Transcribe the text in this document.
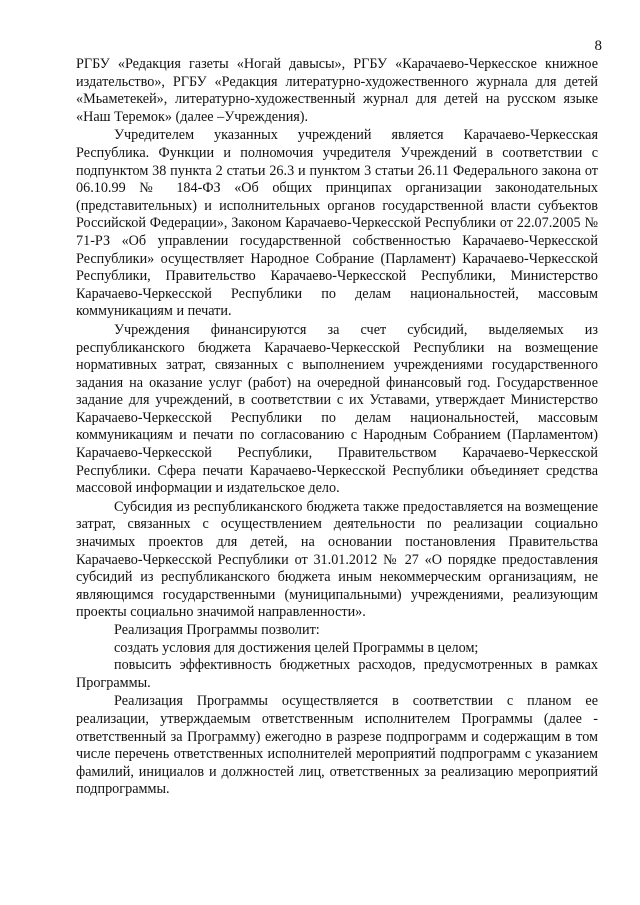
8

РГБУ «Редакция газеты «Ногай давысы», РГБУ «Карачаево-Черкесское книжное издательство», РГБУ «Редакция литературно-художественного журнала для детей «Мьаметекей», литературно-художественный журнал для детей на русском языке «Наш Теремок» (далее –Учреждения).

Учредителем указанных учреждений является Карачаево-Черкесская Республика. Функции и полномочия учредителя Учреждений в соответствии с подпунктом 38 пункта 2 статьи 26.3 и пунктом 3 статьи 26.11 Федерального закона от 06.10.99 № 184-ФЗ «Об общих принципах организации законодательных (представительных) и исполнительных органов государственной власти субъектов Российской Федерации», Законом Карачаево-Черкесской Республики от 22.07.2005 № 71-РЗ «Об управлении государственной собственностью Карачаево-Черкесской Республики» осуществляет Народное Собрание (Парламент) Карачаево-Черкесской Республики, Правительство Карачаево-Черкесской Республики, Министерство Карачаево-Черкесской Республики по делам национальностей, массовым коммуникациям и печати.

Учреждения финансируются за счет субсидий, выделяемых из республиканского бюджета Карачаево-Черкесской Республики на возмещение нормативных затрат, связанных с выполнением учреждениями государственного задания на оказание услуг (работ) на очередной финансовый год. Государственное задание для учреждений, в соответствии с их Уставами, утверждает Министерство Карачаево-Черкесской Республики по делам национальностей, массовым коммуникациям и печати по согласованию с Народным Собранием (Парламентом) Карачаево-Черкесской Республики, Правительством Карачаево-Черкесской Республики. Сфера печати Карачаево-Черкесской Республики объединяет средства массовой информации и издательское дело.

Субсидия из республиканского бюджета также предоставляется на возмещение затрат, связанных с осуществлением деятельности по реализации социально значимых проектов для детей, на основании постановления Правительства Карачаево-Черкесской Республики от 31.01.2012 № 27 «О порядке предоставления субсидий из республиканского бюджета иным некоммерческим организациям, не являющимся государственными (муниципальными) учреждениями, реализующим проекты социально значимой направленности».

Реализация Программы позволит:

создать условия для достижения целей Программы в целом;

повысить эффективность бюджетных расходов, предусмотренных в рамках Программы.

Реализация Программы осуществляется в соответствии с планом ее реализации, утверждаемым ответственным исполнителем Программы (далее - ответственный за Программу) ежегодно в разрезе подпрограмм и содержащим в том числе перечень ответственных исполнителей мероприятий подпрограмм с указанием фамилий, инициалов и должностей лиц, ответственных за реализацию мероприятий подпрограммы.
